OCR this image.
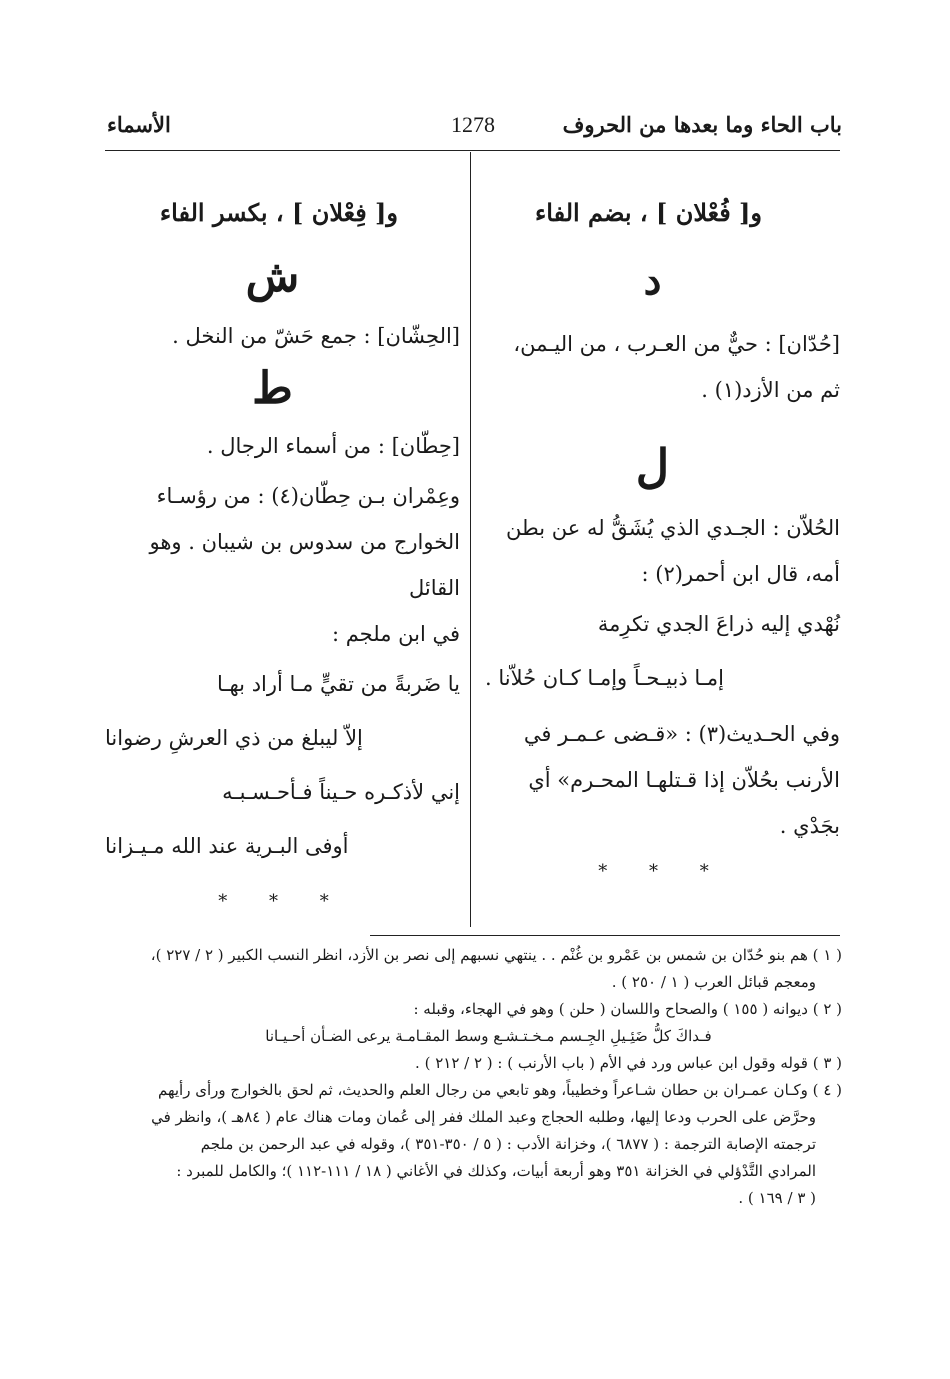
باب الحاء وما بعدها من الحروف
1278
الأسماء
و[ فُعْلان ] ، بضم الفاء
د

[حُدّان] : حيٌّ من العـرب ، من اليـمن،

ثم من الأزد(١) .

ل

الحُلاّن : الجـدي الذي يُشَقُّ له عن بطن

أمه، قال ابن أحمر(٢) :

نُهْدي إليه ذراعَ الجدي تكرِمة

إمـا ذبيـحـاً وإمـا كـان حُلاّنا .

وفي الحـديث(٣) : «قـضى عـمـر في

الأرنب بحُلاّن إذا قـتلهـا المحـرم» أي

بجَدْي .

* * *
و[ فِعْلان ] ، بكسر الفاء
ش

[الحِشّان] : جمع حَشّ من النخل .

ط

[حِطّان] : من أسماء الرجال .

وعِمْران بـن حِطّان(٤) : من رؤسـاء

الخوارج من سدوس بن شيبان . وهو القائل

في ابن ملجم :

يا ضَربةً من تقيٍّ مـا أراد بهـا

إلاّ ليبلغ من ذي العرشِ رضوانا

إني لأذكـره حـيناً فـأحـسـبـه

أوفى البـرية عند الله مـيـزانا

* * *

( ١ ) هم بنو حُدّان بن شمس بن عَمْرو بن غُنْم . . ينتهي نسبهم إلى نصر بن الأزد، انظر النسب الكبير ( ٢ / ٢٢٧ )،

ومعجم قبائل العرب ( ١ / ٢٥٠ ) .

( ٢ ) ديوانه ( ١٥٥ ) والصحاح واللسان ( حلن ) وهو في الهجاء، وقبله :

فـداكَ كلُّ ضَئِـيلِ الجِـسم مـخـتـشـع وسط المقـامـة يرعى الضـأن أحـيـانا

( ٣ ) قوله وقول ابن عباس ورد في الأم ( باب الأرنب ) : ( ٢ / ٢١٢ ) .

( ٤ ) وكـان عمـران بن حطان شـاعراً وخطيباً، وهو تابعي من رجال العلم والحديث، ثم لحق بالخوارج ورأى رأيهم

وحرَّض على الحرب ودعا إليها، وطلبه الحجاج وعبد الملك ففر إلى عُمان ومات هناك عام ( ٨٤هـ )، وانظر في

ترجمته الإصابة الترجمة : ( ٦٨٧٧ )، وخزانة الأدب : ( ٥ / ٣٥٠-٣٥١ )، وقوله في عبد الرحمن بن ملجم

المرادي التَّدْؤلي في الخزانة ٣٥١ وهو أربعة أبيات، وكذلك في الأغاني ( ١٨ / ١١١-١١٢ )؛ والكامل للمبرد :

( ٣ / ١٦٩ ) .
